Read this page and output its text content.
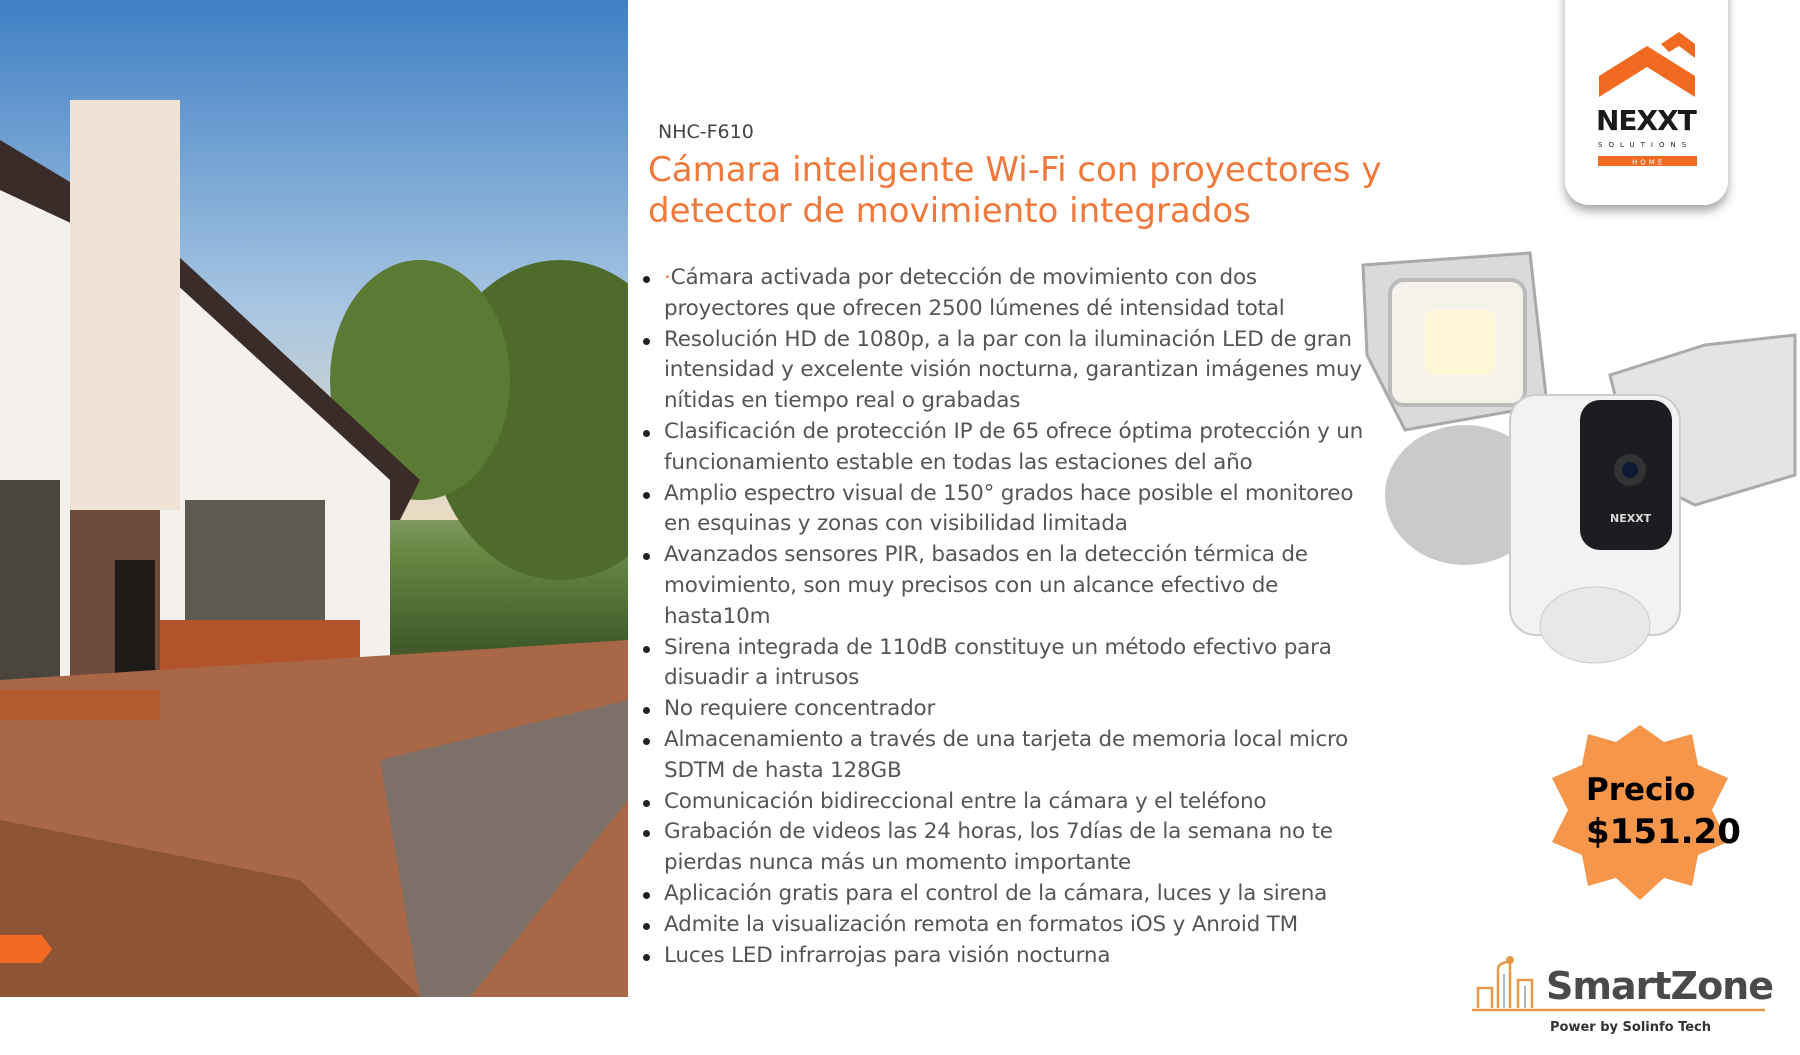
NHC-F610
Cámara inteligente Wi-Fi con proyectores y detector de movimiento integrados
·Cámara activada por detección de movimiento con dos proyectores que ofrecen 2500 lúmenes dé intensidad total
Resolución HD de 1080p, a la par con la iluminación LED de gran intensidad y excelente visión nocturna, garantizan imágenes muy nítidas en tiempo real o grabadas
Clasificación de protección IP de 65 ofrece óptima protección y un funcionamiento estable en todas las estaciones del año
Amplio espectro visual de 150° grados hace posible el monitoreo en esquinas y zonas con visibilidad limitada
Avanzados sensores PIR, basados en la detección térmica de movimiento, son muy precisos con un alcance efectivo de hasta10m
Sirena integrada de 110dB constituye un método efectivo para disuadir a intrusos
No requiere concentrador
Almacenamiento a través de una tarjeta de memoria local micro SDTM de hasta 128GB
Comunicación bidireccional entre la cámara y el teléfono
Grabación de videos las 24 horas, los 7días de la semana no te pierdas nunca más un momento importante
Aplicación gratis para el control de la cámara, luces y la sirena
Admite la visualización remota en formatos iOS y Anroid TM
Luces LED infrarrojas para visión nocturna
NEXXT
SOLUTIONS
HOME
NEXXT
Precio
$151.20
SmartZone
Power by Solinfo Tech
